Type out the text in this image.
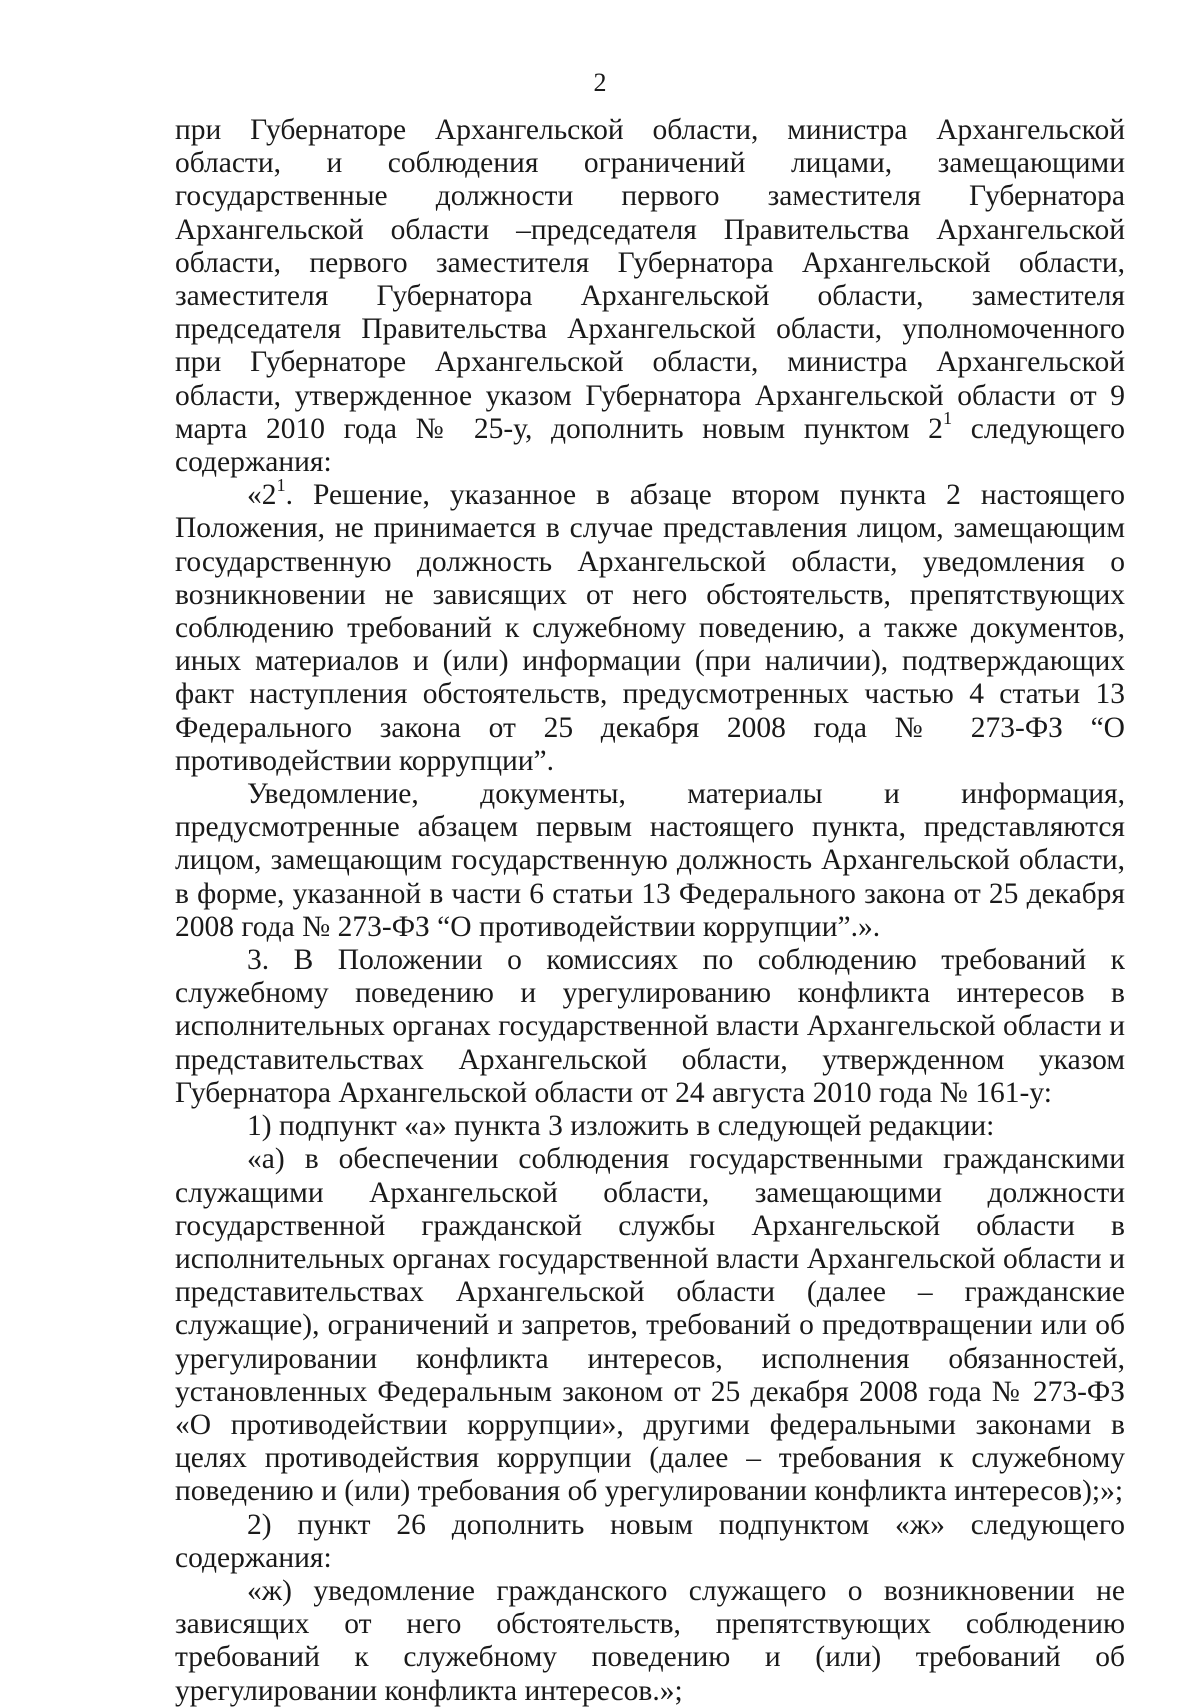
2

при Губернаторе Архангельской области, министра Архангельской области, и соблюдения ограничений лицами, замещающими государственные должности первого заместителя Губернатора Архангельской области –председателя Правительства Архангельской области, первого заместителя Губернатора Архангельской области, заместителя Губернатора Архангельской области, заместителя председателя Правительства Архангельской области, уполномоченного при Губернаторе Архангельской области, министра Архангельской области, утвержденное указом Губернатора Архангельской области от 9 марта 2010 года № 25-у, дополнить новым пунктом $2^1$ следующего содержания:

«$2^1$. Решение, указанное в абзаце втором пункта 2 настоящего Положения, не принимается в случае представления лицом, замещающим государственную должность Архангельской области, уведомления о возникновении не зависящих от него обстоятельств, препятствующих соблюдению требований к служебному поведению, а также документов, иных материалов и (или) информации (при наличии), подтверждающих факт наступления обстоятельств, предусмотренных частью 4 статьи 13 Федерального закона от 25 декабря 2008 года № 273-ФЗ “О противодействии коррупции”.

Уведомление, документы, материалы и информация, предусмотренные абзацем первым настоящего пункта, представляются лицом, замещающим государственную должность Архангельской области, в форме, указанной в части 6 статьи 13 Федерального закона от 25 декабря 2008 года № 273-ФЗ “О противодействии коррупции”.».

3. В Положении о комиссиях по соблюдению требований к служебному поведению и урегулированию конфликта интересов в исполнительных органах государственной власти Архангельской области и представительствах Архангельской области, утвержденном указом Губернатора Архангельской области от 24 августа 2010 года № 161-у:

1) подпункт «а» пункта 3 изложить в следующей редакции:

«а) в обеспечении соблюдения государственными гражданскими служащими Архангельской области, замещающими должности государственной гражданской службы Архангельской области в исполнительных органах государственной власти Архангельской области и представительствах Архангельской области (далее – гражданские служащие), ограничений и запретов, требований о предотвращении или об урегулировании конфликта интересов, исполнения обязанностей, установленных Федеральным законом от 25 декабря 2008 года № 273-ФЗ «О противодействии коррупции», другими федеральными законами в целях противодействия коррупции (далее – требования к служебному поведению и (или) требования об урегулировании конфликта интересов);»;

2) пункт 26 дополнить новым подпунктом «ж» следующего содержания:

«ж) уведомление гражданского служащего о возникновении не зависящих от него обстоятельств, препятствующих соблюдению требований к служебному поведению и (или) требований об урегулировании конфликта интересов.»;
